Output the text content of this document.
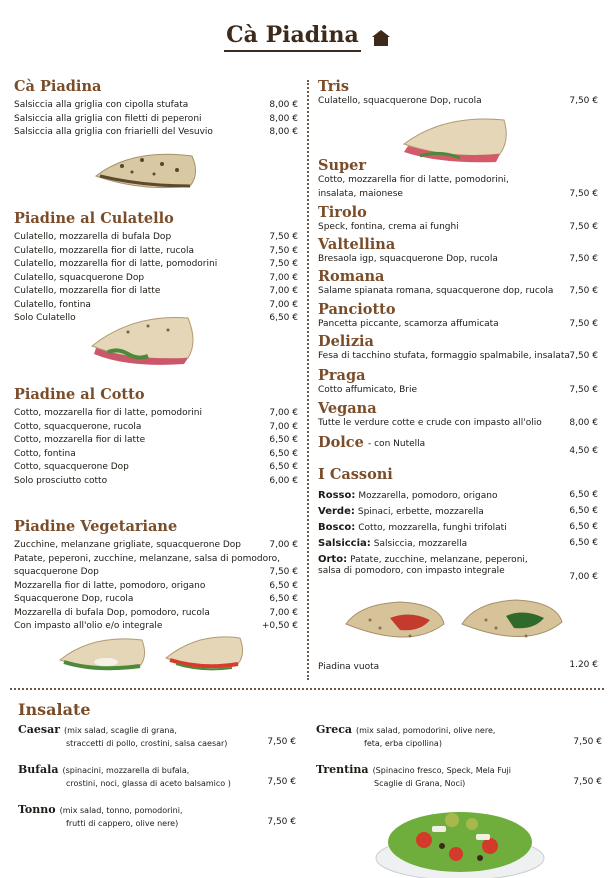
Cà Piadina
Cà Piadina
Salsiccia alla griglia con cipolla stufata	8,00 €
Salsiccia alla griglia con filetti di peperoni	8,00 €
Salsiccia alla griglia con friarielli del Vesuvio	8,00 €
Piadine al Culatello
Culatello, mozzarella di bufala Dop	7,50 €
Culatello, mozzarella fior di latte, rucola	7,50 €
Culatello, mozzarella fior di latte, pomodorini	7,50 €
Culatello, squacquerone Dop	7,00 €
Culatello, mozzarella fior di latte	7,00 €
Culatello, fontina	7,00 €
Solo Culatello	6,50 €
Piadine al Cotto
Cotto, mozzarella fior di latte, pomodorini	7,00 €
Cotto, squacquerone, rucola	7,00 €
Cotto, mozzarella fior di latte	6,50 €
Cotto, fontina	6,50 €
Cotto, squacquerone Dop	6,50 €
Solo prosciutto cotto	6,00 €
Piadine Vegetariane
Zucchine, melanzane grigliate, squacquerone Dop	7,00 €
Patate, peperoni, zucchine, melanzane, salsa di pomodoro,
squacquerone Dop	7,50 €
Mozzarella fior di latte, pomodoro, origano	6,50 €
Squacquerone Dop, rucola	6,50 €
Mozzarella di bufala Dop, pomodoro, rucola	7,00 €
Con impasto all'olio e/o integrale	+0,50 €
Tris
Culatello, squacquerone Dop, rucola	7,50 €
Super
Cotto, mozzarella fior di latte, pomodorini,
insalata, maionese	7,50 €
Tirolo
Speck, fontina, crema ai funghi	7,50 €
Valtellina
Bresaola igp, squacquerone Dop, rucola	7,50 €
Romana
Salame spianata romana, squacquerone dop, rucola 7,50 €
Panciotto
Pancetta piccante, scamorza affumicata	7,50 €
Delizia
Fesa di tacchino stufata, formaggio spalmabile, insalata 7,50 €
Praga
Cotto affumicato, Brie	7,50 €
Vegana
Tutte le verdure cotte e crude con impasto all'olio	8,00 €
Dolce - con Nutella
4,50 €
I Cassoni
Rosso: Mozzarella, pomodoro, origano	6,50 €
Verde: Spinaci, erbette, mozzarella	6,50 €
Bosco: Cotto, mozzarella, funghi trifolati	6,50 €
Salsiccia: Salsiccia, mozzarella	6,50 €
Orto: Patate, zucchine, melanzane, peperoni,
salsa di pomodoro, con impasto integrale
7,00 €
Piadina vuota	1.20 €
Insalate
Caesar (mix salad, scaglie di grana,
straccetti di pollo, crostini, salsa caesar)	7,50 €
Bufala (spinacini, mozzarella di bufala,
crostini, noci, glassa di aceto balsamico )	7,50 €
Tonno (mix salad, tonno, pomodorini,
frutti di cappero, olive nere)	7,50 €
Greca (mix salad, pomodorini, olive nere,
feta, erba cipollina)	7,50 €
Trentina (Spinacino fresco, Speck, Mela Fuji
Scaglie di Grana, Noci)	7,50 €
